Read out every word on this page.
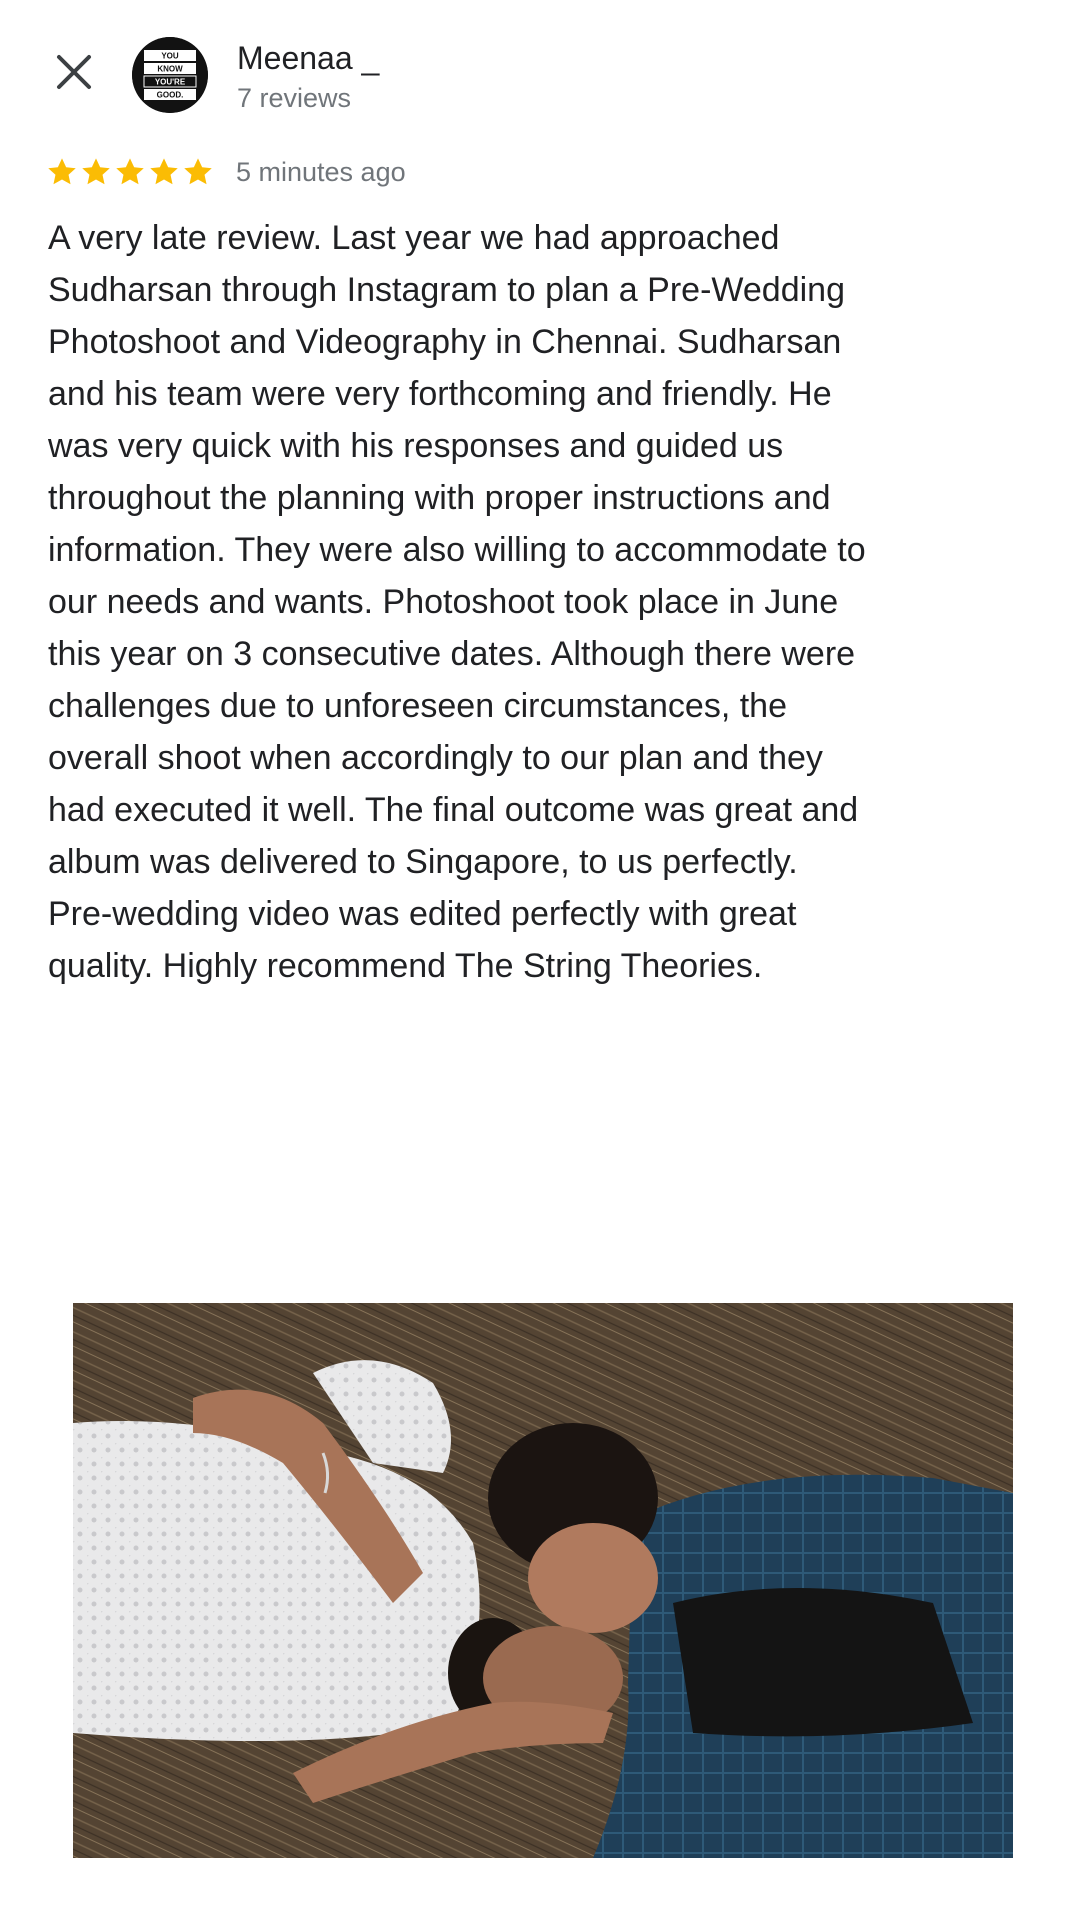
YOU
KNOW
YOU'RE
GOOD.
Meenaa _
7 reviews
5 minutes ago

A very late review. Last year we had approached Sudharsan through Instagram to plan a Pre-Wedding Photoshoot and Videography in Chennai. Sudharsan and his team were very forthcoming and friendly. He was very quick with his responses and guided us throughout the planning with proper instructions and information. They were also willing to accommodate to our needs and wants. Photoshoot took place in June this year on 3 consecutive dates. Although there were challenges due to unforeseen circumstances, the overall shoot when accordingly to our plan and they had executed it well. The final outcome was great and album was delivered to Singapore, to us perfectly. Pre-wedding video was edited perfectly with great quality. Highly recommend The String Theories.
